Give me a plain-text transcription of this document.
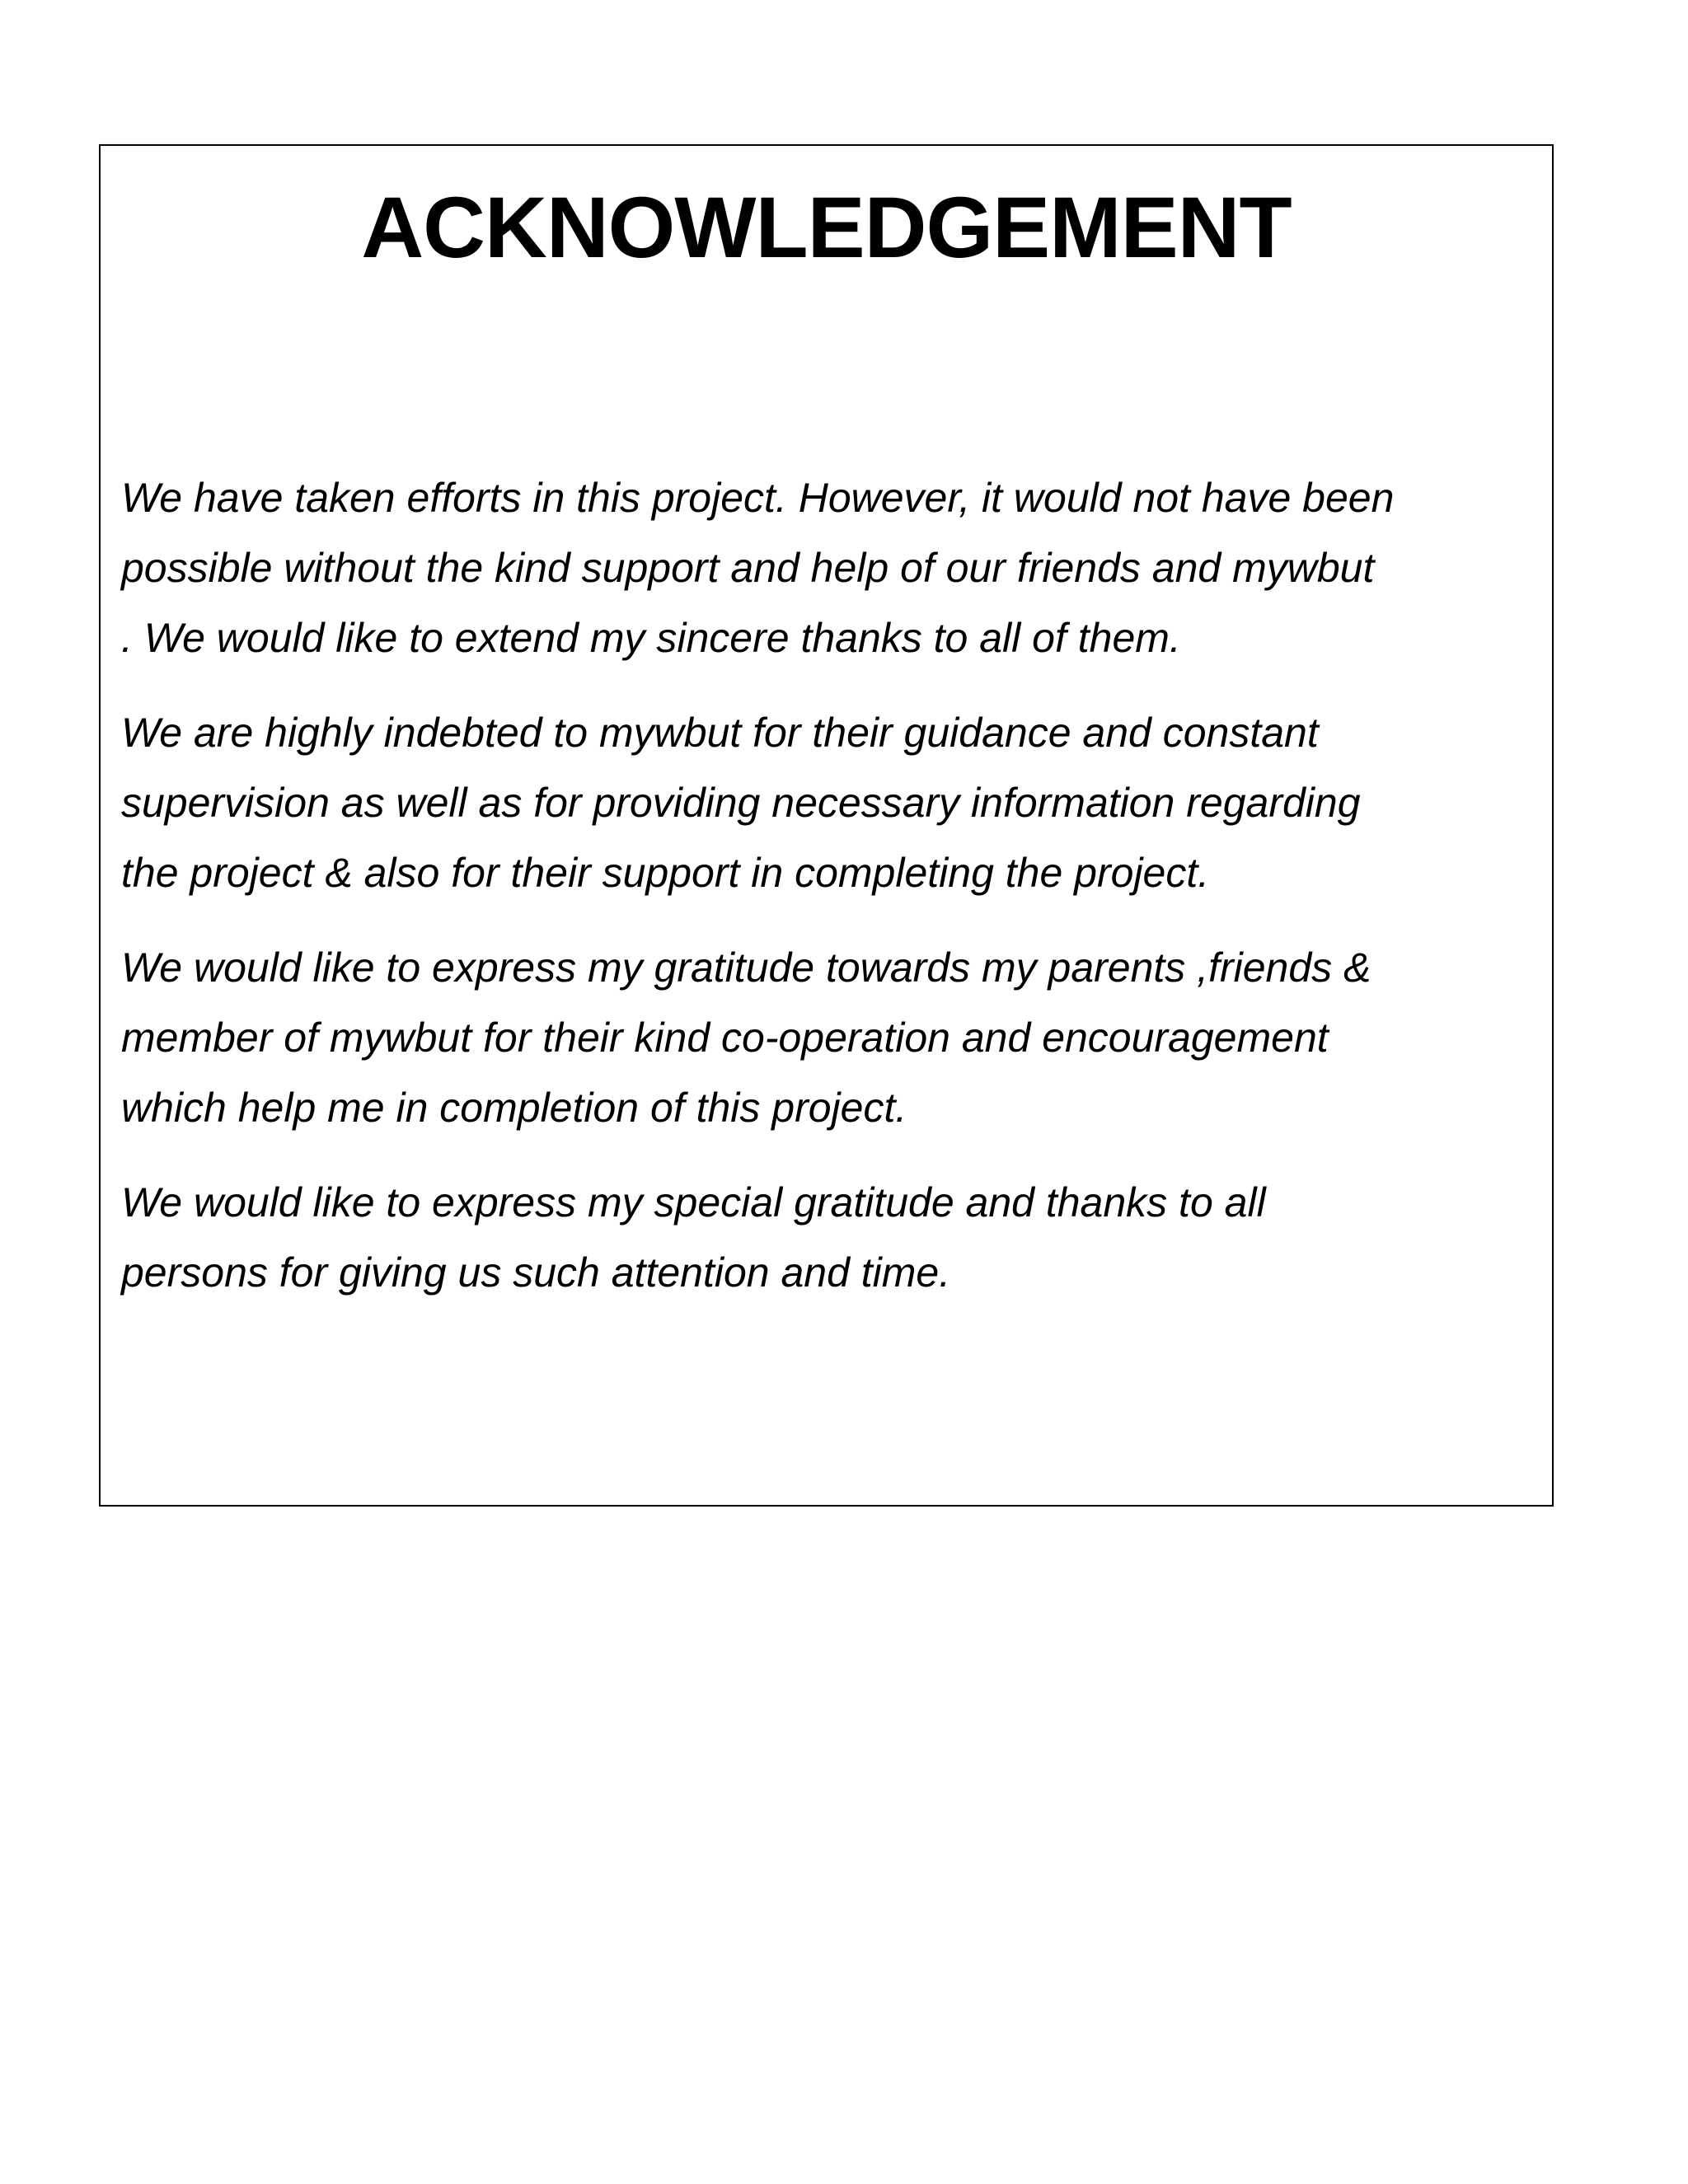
ACKNOWLEDGEMENT

We have taken efforts in this project. However, it would not have been
possible without the kind support and help of our friends and mywbut
. We would like to extend my sincere thanks to all of them.

We are highly indebted to mywbut for their guidance and constant
supervision as well as for providing necessary information regarding
the project & also for their support in completing the project.

We would like to express my gratitude towards my parents ,friends &
member of mywbut for their kind co-operation and encouragement
which help me in completion of this project.

We would like to express my special gratitude and thanks to all
persons for giving us such attention and time.
